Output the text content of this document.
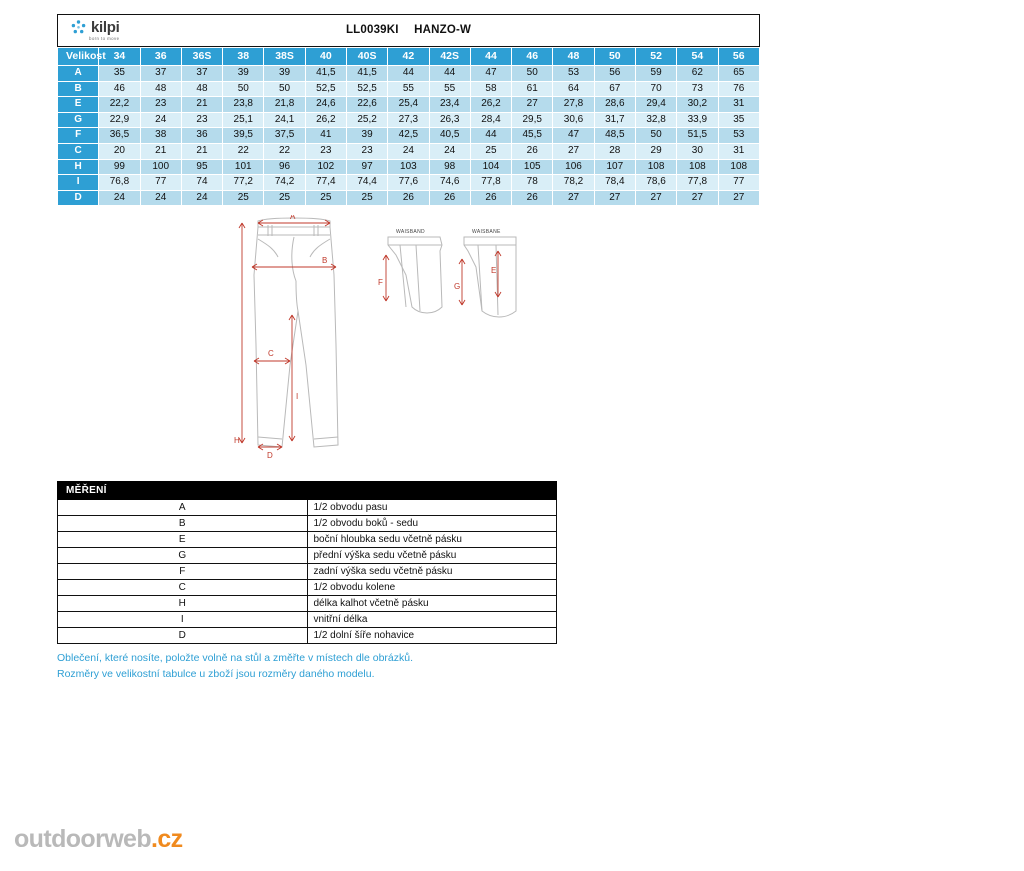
kilpi
born to move
LL0039KI HANZO-W
Velikost	34	36	36S	38	38S	40	40S	42	42S	44	46	48	50	52	54	56
A	35	37	37	39	39	41,5	41,5	44	44	47	50	53	56	59	62	65
B	46	48	48	50	50	52,5	52,5	55	55	58	61	64	67	70	73	76
E	22,2	23	21	23,8	21,8	24,6	22,6	25,4	23,4	26,2	27	27,8	28,6	29,4	30,2	31
G	22,9	24	23	25,1	24,1	26,2	25,2	27,3	26,3	28,4	29,5	30,6	31,7	32,8	33,9	35
F	36,5	38	36	39,5	37,5	41	39	42,5	40,5	44	45,5	47	48,5	50	51,5	53
C	20	21	21	22	22	23	23	24	24	25	26	27	28	29	30	31
H	99	100	95	101	96	102	97	103	98	104	105	106	107	108	108	108
I	76,8	77	74	77,2	74,2	77,4	74,4	77,6	74,6	77,8	78	78,2	78,4	78,6	77,8	77
D	24	24	24	25	25	25	25	26	26	26	26	27	27	27	27	27
WAISBAND	WAISBANE
A
B
C
D
H
I
F	G
E
MĚŘENÍ	
A	1/2 obvodu pasu
B	1/2 obvodu boků - sedu
E	boční hloubka sedu včetně pásku
G	přední výška sedu včetně pásku
F	zadní výška sedu včetně pásku
C	1/2 obvodu kolene
H	délka kalhot včetně pásku
I	vnitřní délka
D	1/2 dolní šíře nohavice
Oblečení, které nosíte, položte volně na stůl a změřte v místech dle obrázků.
Rozměry ve velikostní tabulce u zboží jsou rozměry daného modelu.
outdoorweb.cz
